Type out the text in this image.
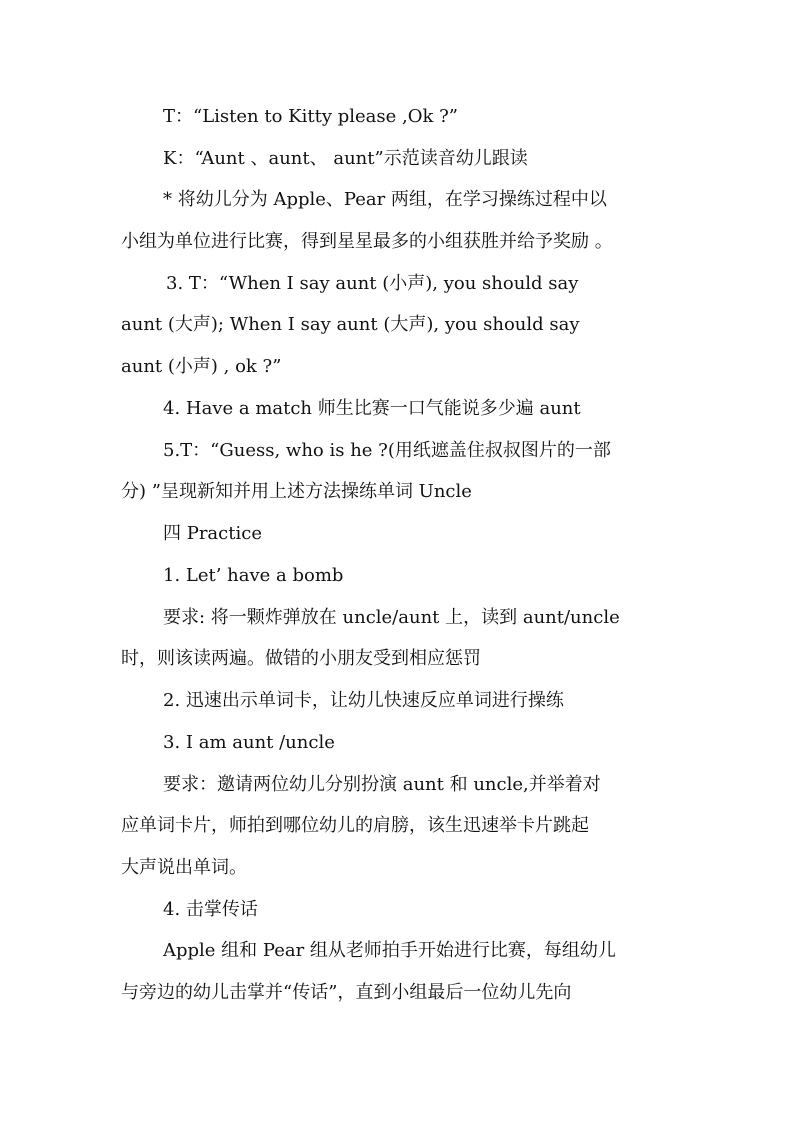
T：“Listen to Kitty please ,Ok ?”
K：“Aunt 、aunt、 aunt”示范读音幼儿跟读
* 将幼儿分为 Apple、Pear 两组，在学习操练过程中以
小组为单位进行比赛，得到星星最多的小组获胜并给予奖励 。
3. T：“When I say aunt (小声), you should say
aunt (大声); When I say aunt (大声), you should say
aunt (小声) , ok ?”
4. Have a match 师生比赛一口气能说多少遍 aunt
5.T：“Guess, who is he ?(用纸遮盖住叔叔图片的一部
分) ”呈现新知并用上述方法操练单词 Uncle
四 Practice
1. Let’ have a bomb
要求: 将一颗炸弹放在 uncle/aunt 上，读到 aunt/uncle
时，则该读两遍。做错的小朋友受到相应惩罚
2. 迅速出示单词卡，让幼儿快速反应单词进行操练
3. I am aunt /uncle
要求：邀请两位幼儿分别扮演 aunt 和 uncle,并举着对
应单词卡片，师拍到哪位幼儿的肩膀，该生迅速举卡片跳起
大声说出单词。
4. 击掌传话
Apple 组和 Pear 组从老师拍手开始进行比赛，每组幼儿
与旁边的幼儿击掌并“传话”，直到小组最后一位幼儿先向
